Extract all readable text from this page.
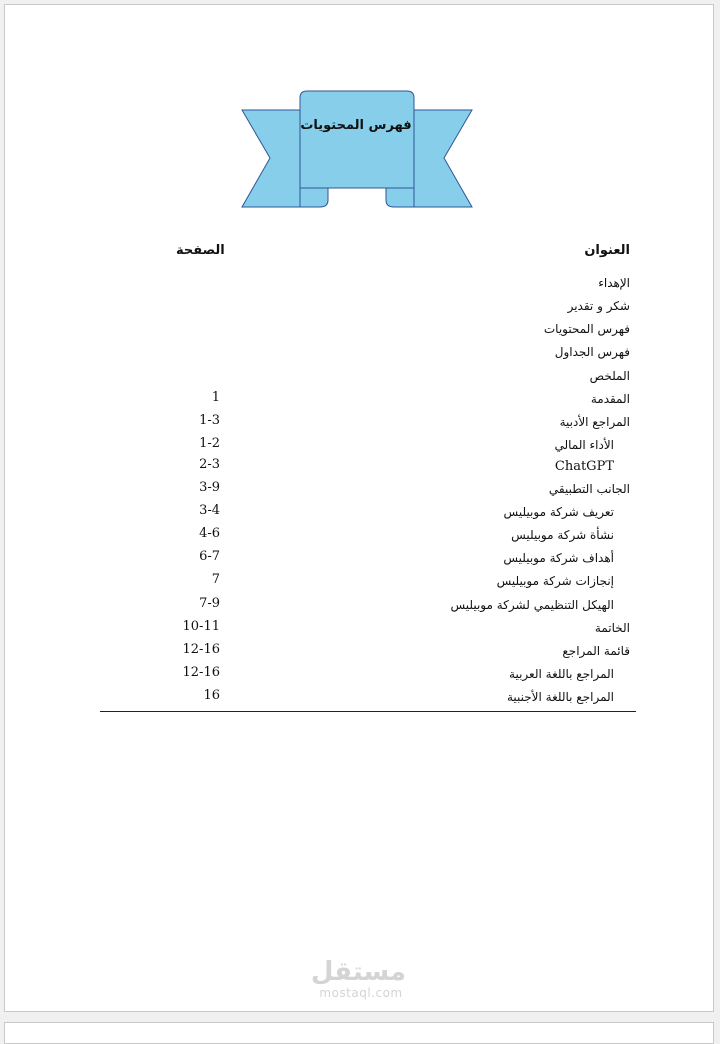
فهرس المحتويات
العنوان
الصفحة
الإهداء
شكر و تقدير
فهرس المحتويات
فهرس الجداول
الملخص
المقدمة
1
المراجع الأدبية
1-3
الأداء المالي
1-2
ChatGPT
2-3
الجانب التطبيقي
3-9
تعريف شركة موبيليس
3-4
نشأة شركة موبيليس
4-6
أهداف شركة موبيليس
6-7
إنجازات شركة موبيليس
7
الهيكل التنظيمي لشركة موبيليس
7-9
الخاتمة
10-11
قائمة المراجع
12-16
المراجع باللغة العربية
12-16
المراجع باللغة الأجنبية
16
مستقل
mostaql.com
